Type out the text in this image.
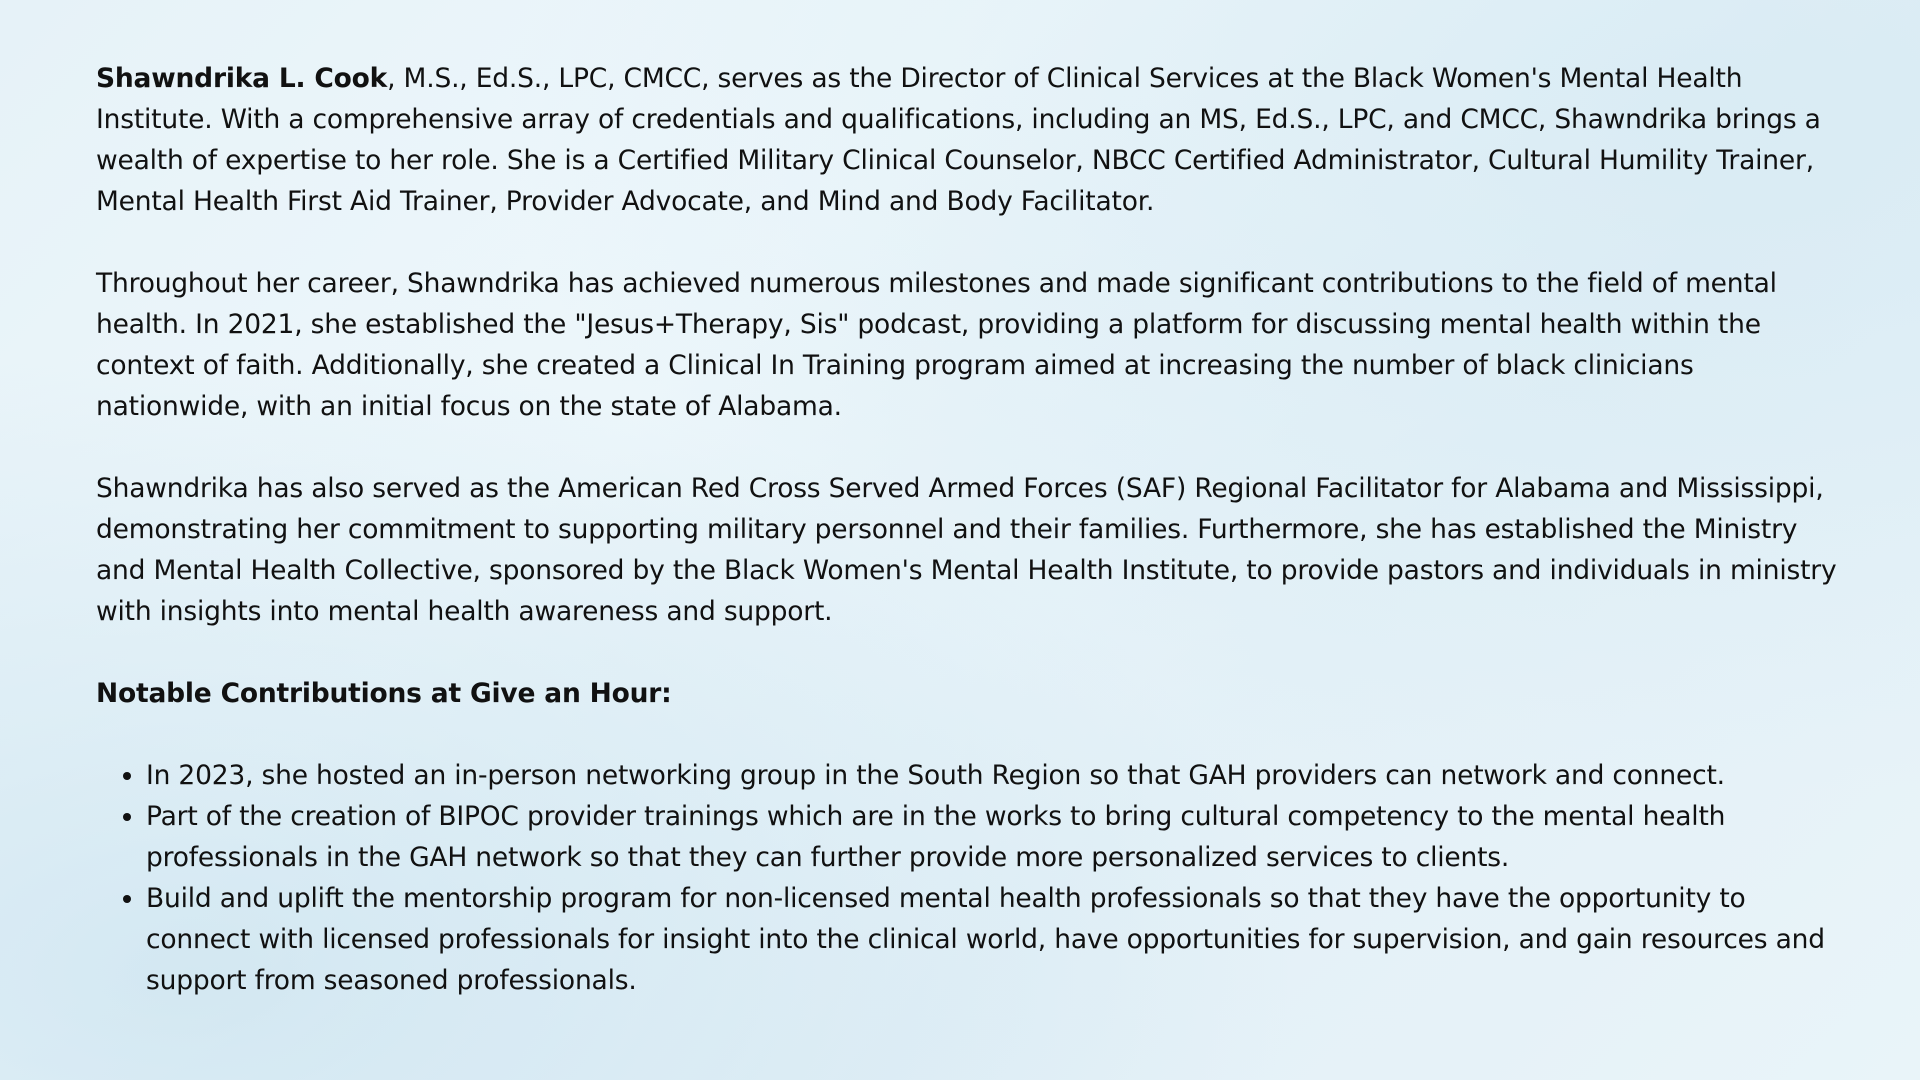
Shawndrika L. Cook, M.S., Ed.S., LPC, CMCC, serves as the Director of Clinical Services at the Black Women's Mental Health Institute. With a comprehensive array of credentials and qualifications, including an MS, Ed.S., LPC, and CMCC, Shawndrika brings a wealth of expertise to her role. She is a Certified Military Clinical Counselor, NBCC Certified Administrator, Cultural Humility Trainer, Mental Health First Aid Trainer, Provider Advocate, and Mind and Body Facilitator.

Throughout her career, Shawndrika has achieved numerous milestones and made significant contributions to the field of mental health. In 2021, she established the "Jesus+Therapy, Sis" podcast, providing a platform for discussing mental health within the context of faith. Additionally, she created a Clinical In Training program aimed at increasing the number of black clinicians nationwide, with an initial focus on the state of Alabama.

Shawndrika has also served as the American Red Cross Served Armed Forces (SAF) Regional Facilitator for Alabama and Mississippi, demonstrating her commitment to supporting military personnel and their families. Furthermore, she has established the Ministry and Mental Health Collective, sponsored by the Black Women's Mental Health Institute, to provide pastors and individuals in ministry with insights into mental health awareness and support.

Notable Contributions at Give an Hour:
• In 2023, she hosted an in-person networking group in the South Region so that GAH providers can network and connect.
• Part of the creation of BIPOC provider trainings which are in the works to bring cultural competency to the mental health professionals in the GAH network so that they can further provide more personalized services to clients.
• Build and uplift the mentorship program for non-licensed mental health professionals so that they have the opportunity to connect with licensed professionals for insight into the clinical world, have opportunities for supervision, and gain resources and support from seasoned professionals.
